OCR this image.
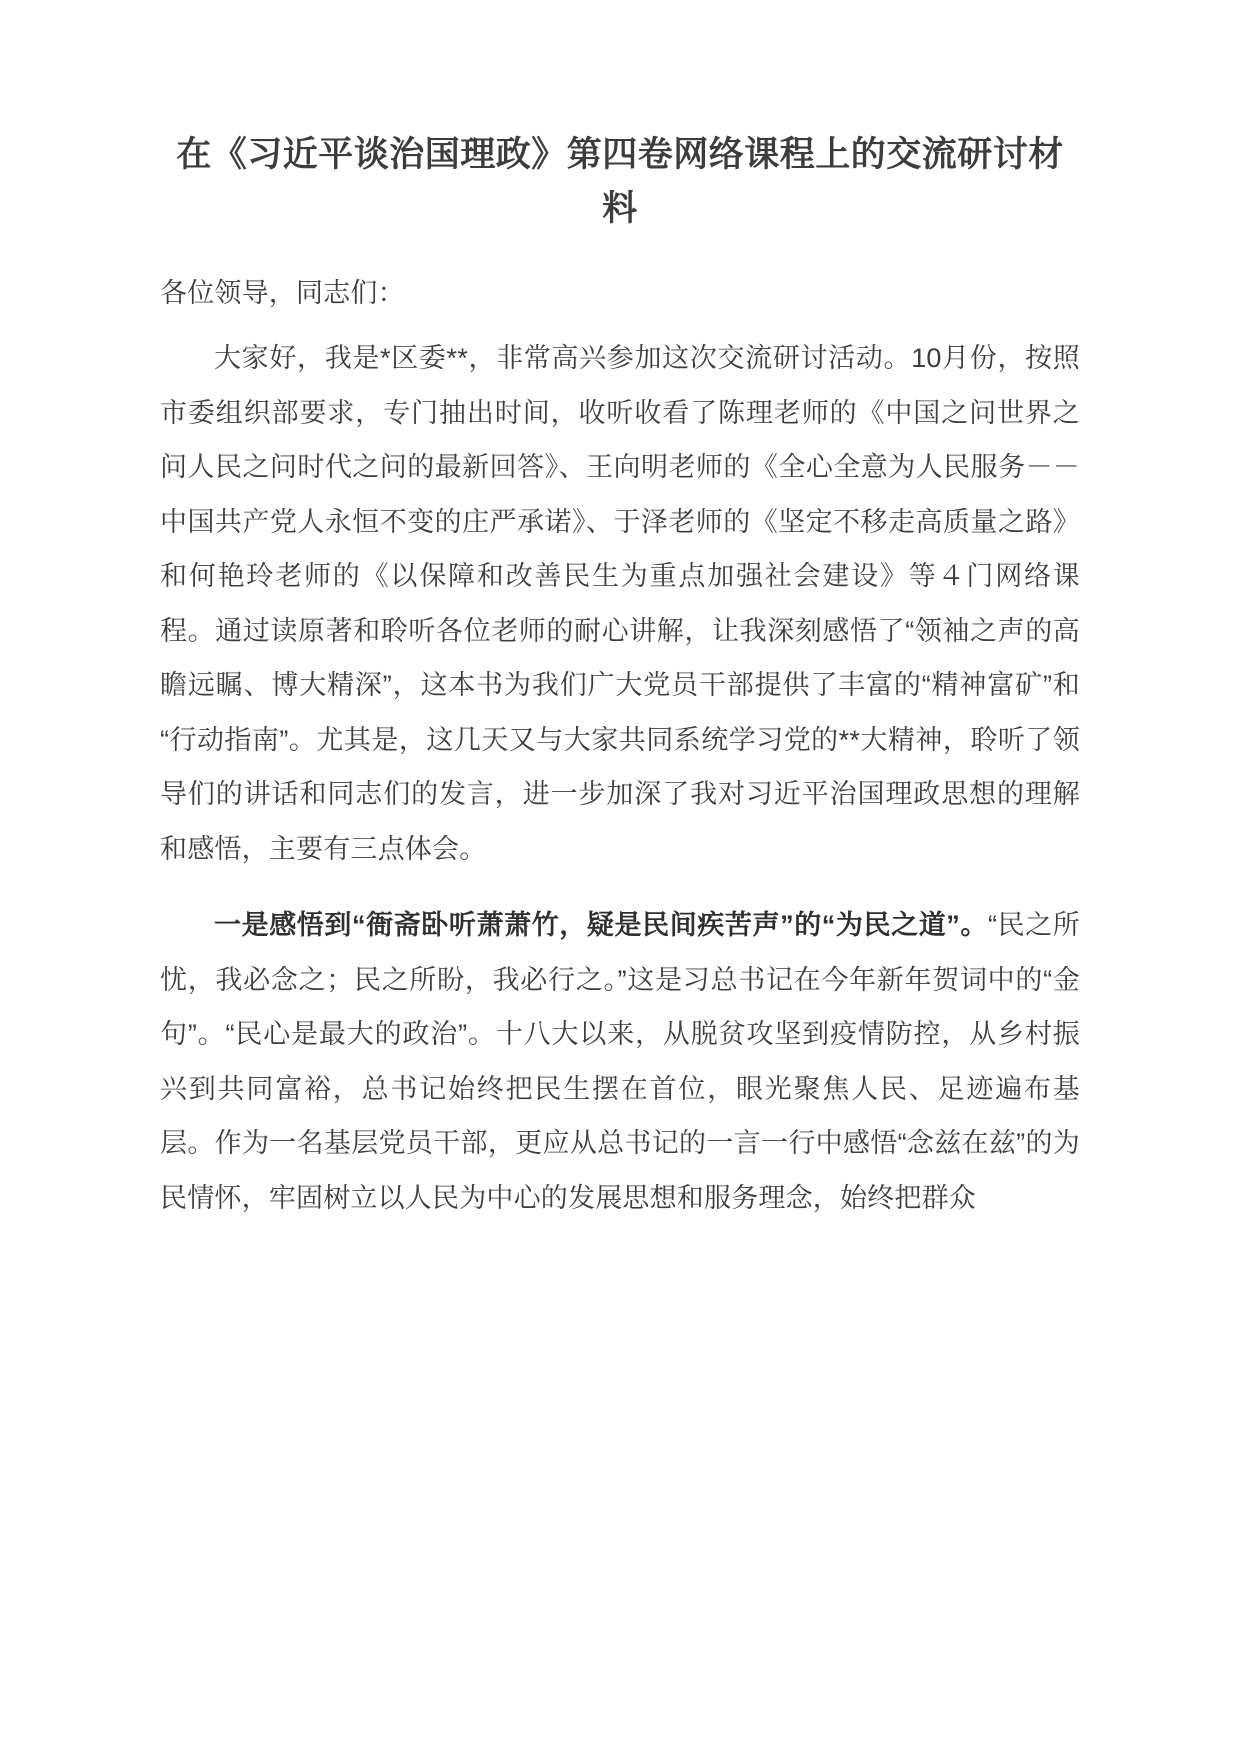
在《习近平谈治国理政》第四卷网络课程上的交流研讨材料

各位领导，同志们：

大家好，我是*区委**，非常高兴参加这次交流研讨活动。10月份，按照市委组织部要求，专门抽出时间，收听收看了陈理老师的《中国之问世界之问人民之问时代之问的最新回答》、王向明老师的《全心全意为人民服务－－中国共产党人永恒不变的庄严承诺》、于泽老师的《坚定不移走高质量之路》和何艳玲老师的《以保障和改善民生为重点加强社会建设》等４门网络课程。通过读原著和聆听各位老师的耐心讲解，让我深刻感悟了“领袖之声的高瞻远瞩、博大精深”，这本书为我们广大党员干部提供了丰富的“精神富矿”和“行动指南”。尤其是，这几天又与大家共同系统学习党的**大精神，聆听了领导们的讲话和同志们的发言，进一步加深了我对习近平治国理政思想的理解和感悟，主要有三点体会。

一是感悟到“衙斋卧听萧萧竹，疑是民间疾苦声”的“为民之道”。“民之所忧，我必念之；民之所盼，我必行之。”这是习总书记在今年新年贺词中的“金句”。“民心是最大的政治”。十八大以来，从脱贫攻坚到疫情防控，从乡村振兴到共同富裕，总书记始终把民生摆在首位，眼光聚焦人民、足迹遍布基层。作为一名基层党员干部，更应从总书记的一言一行中感悟“念兹在兹”的为民情怀，牢固树立以人民为中心的发展思想和服务理念，始终把群众
